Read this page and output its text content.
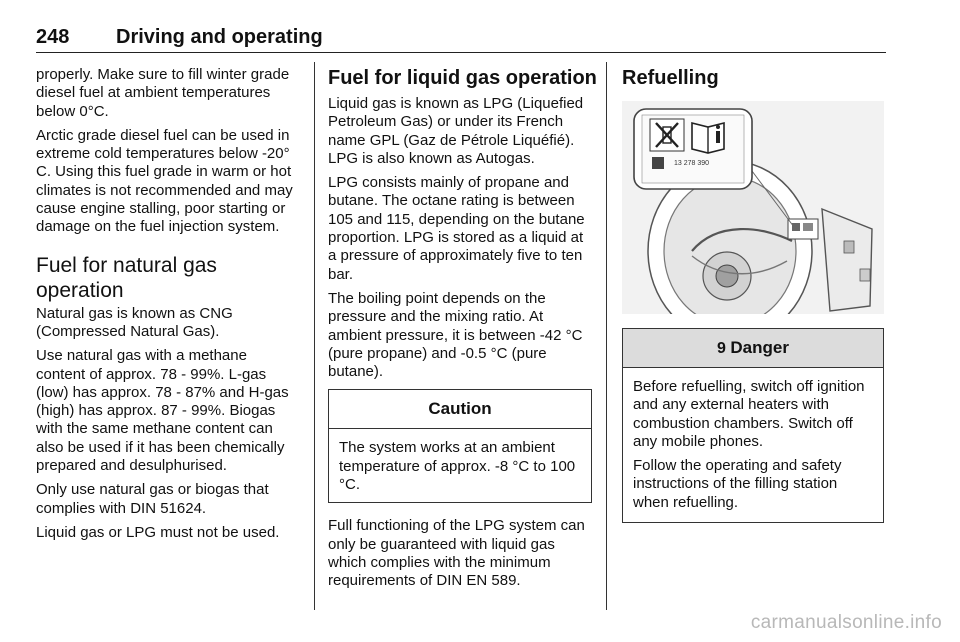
248 Driving and operating

properly. Make sure to fill winter grade diesel fuel at ambient temperatures below 0°C.

Arctic grade diesel fuel can be used in extreme cold temperatures below -20° C. Using this fuel grade in warm or hot climates is not recommended and may cause engine stalling, poor starting or damage on the fuel injection system.

Fuel for natural gas operation

Natural gas is known as CNG (Compressed Natural Gas).

Use natural gas with a methane content of approx. 78 - 99%. L-gas (low) has approx. 78 - 87% and H-gas (high) has approx. 87 - 99%. Biogas with the same methane content can also be used if it has been chemically prepared and desulphurised.

Only use natural gas or biogas that complies with DIN 51624.

Liquid gas or LPG must not be used.

Fuel for liquid gas operation

Liquid gas is known as LPG (Liquefied Petroleum Gas) or under its French name GPL (Gaz de Pétrole Liquéfié). LPG is also known as Autogas.

LPG consists mainly of propane and butane. The octane rating is between 105 and 115, depending on the butane proportion. LPG is stored as a liquid at a pressure of approximately five to ten bar.

The boiling point depends on the pressure and the mixing ratio. At ambient pressure, it is between -42 °C (pure propane) and -0.5 °C (pure butane).

Caution

The system works at an ambient temperature of approx. -8 °C to 100 °C.

Full functioning of the LPG system can only be guaranteed with liquid gas which complies with the minimum requirements of DIN EN 589.

Refuelling
13 278 390
9 Danger

Before refuelling, switch off ignition and any external heaters with combustion chambers. Switch off any mobile phones.

Follow the operating and safety instructions of the filling station when refuelling.

carmanualsonline.info
